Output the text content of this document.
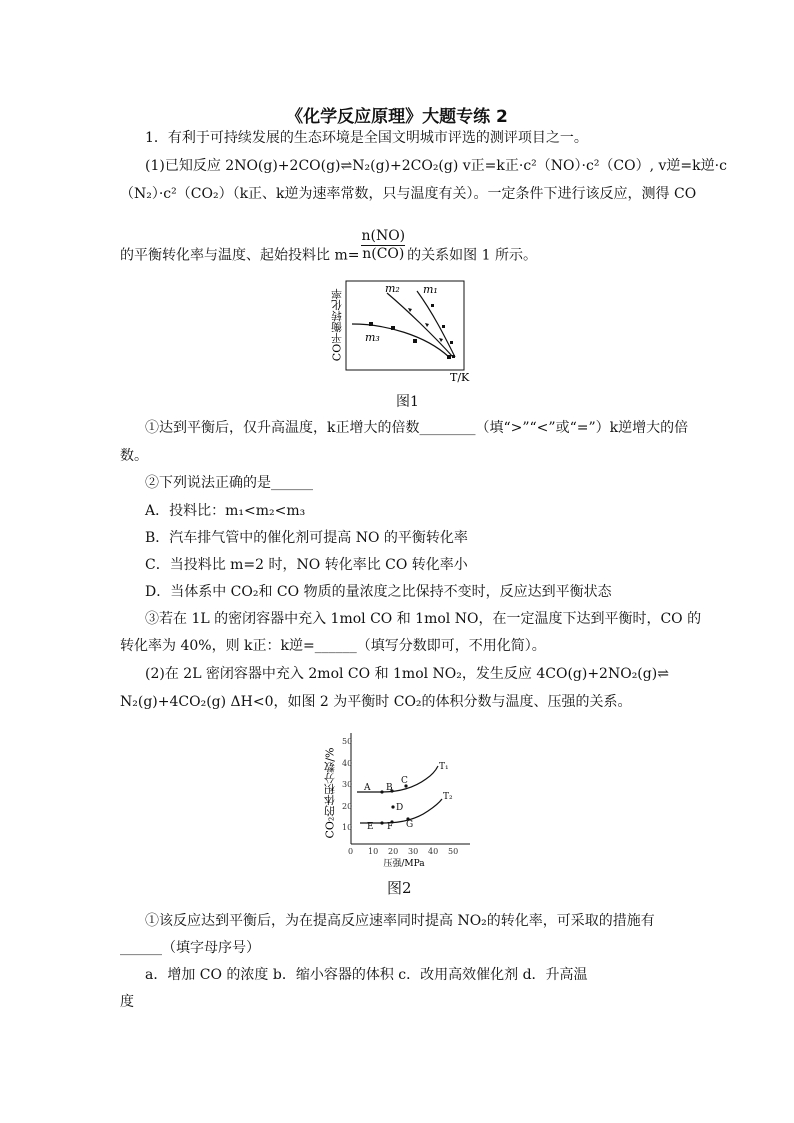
《化学反应原理》大题专练 2
1．有利于可持续发展的生态环境是全国文明城市评选的测评项目之一。
(1)已知反应 2NO(g)+2CO(g)⇌N₂(g)+2CO₂(g) v正=k正·c²（NO）·c²（CO）, v逆=k逆·c
（N₂）·c²（CO₂）（k正、k逆为速率常数，只与温度有关）。一定条件下进行该反应，测得 CO
的平衡转化率与温度、起始投料比 $m= \frac{n(NO)}{n(CO)}$ 的关系如图 1 所示。
CO平衡转化率	m₁
m₂
m₃
T/K
图1
①达到平衡后，仅升高温度，k正增大的倍数________（填“>”“<”或“=”）k逆增大的倍
数。
②下列说法正确的是______
A．投料比：m₁<m₂<m₃
B．汽车排气管中的催化剂可提高 NO 的平衡转化率
C．当投料比 m=2 时，NO 转化率比 CO 转化率小
D．当体系中 CO₂和 CO 物质的量浓度之比保持不变时，反应达到平衡状态
③若在 1L 的密闭容器中充入 1mol CO 和 1mol NO，在一定温度下达到平衡时，CO 的
转化率为 40%，则 k正：k逆=______（填写分数即可，不用化简）。
(2)在 2L 密闭容器中充入 2mol CO 和 1mol NO₂，发生反应 4CO(g)+2NO₂(g)⇌
N₂(g)+4CO₂(g) ΔH<0，如图 2 为平衡时 CO₂的体积分数与温度、压强的关系。
CO₂的体积分数/%
50
40
30
20
10
0 10 20 30 40 50
压强/MPa
A B
C
D
E F G
T₁
T₂
图2
①该反应达到平衡后，为在提高反应速率同时提高 NO₂的转化率，可采取的措施有
______（填字母序号）
a．增加 CO 的浓度 b．缩小容器的体积 c．改用高效催化剂 d．升高温
度
